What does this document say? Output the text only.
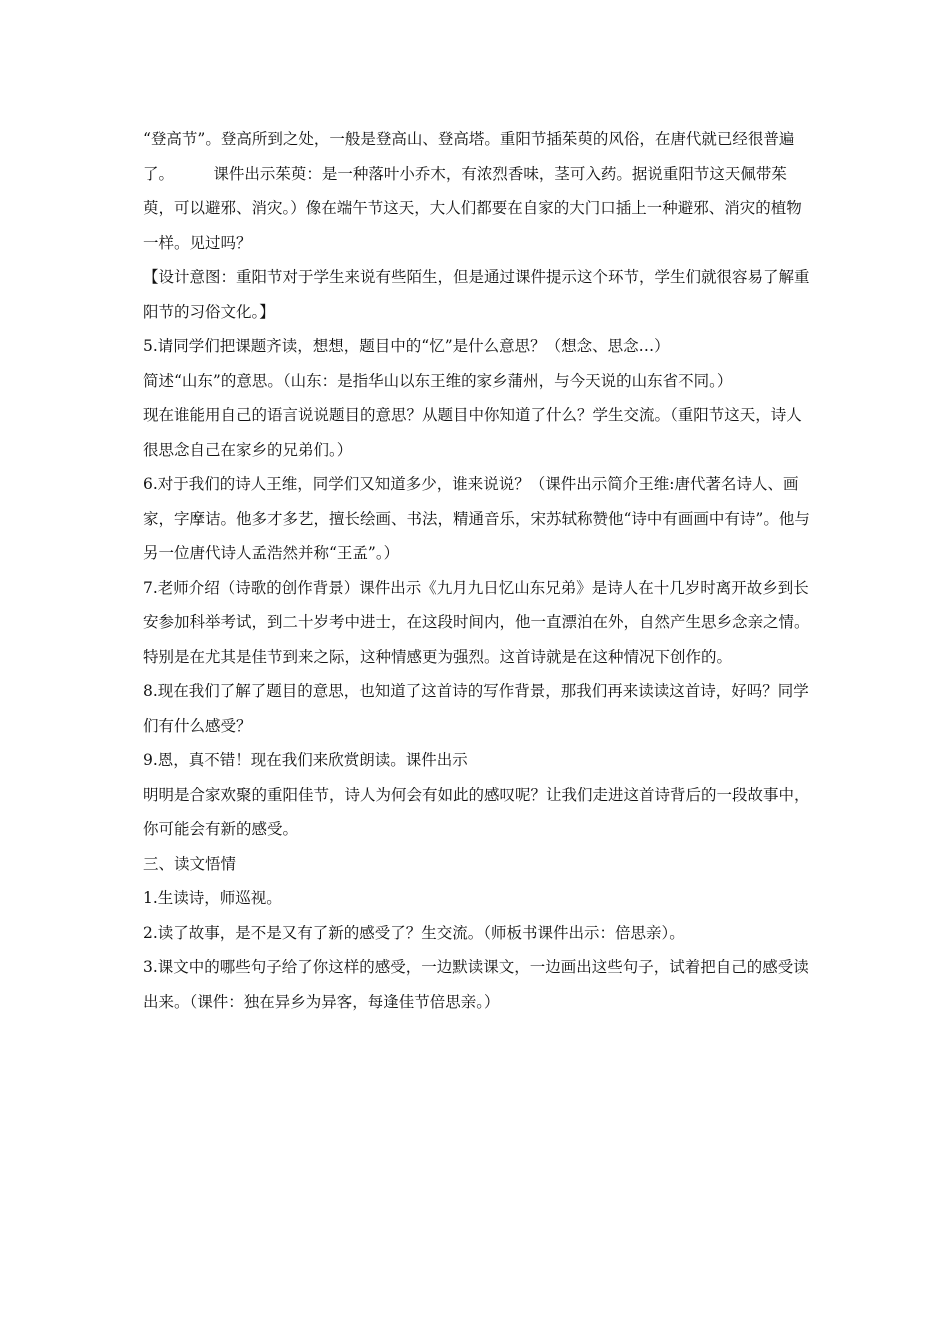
“登高节”。登高所到之处，一般是登高山、登高塔。重阳节插茱萸的风俗，在唐代就已经很普遍了。        课件出示茱萸：是一种落叶小乔木，有浓烈香味，茎可入药。据说重阳节这天佩带茱萸，可以避邪、消灾。）像在端午节这天，大人们都要在自家的大门口插上一种避邪、消灾的植物一样。见过吗？

【设计意图：重阳节对于学生来说有些陌生，但是通过课件提示这个环节，学生们就很容易了解重阳节的习俗文化。】

5.请同学们把课题齐读，想想，题目中的“忆”是什么意思？（想念、思念…）

简述“山东”的意思。（山东：是指华山以东王维的家乡蒲州，与今天说的山东省不同。）

现在谁能用自己的语言说说题目的意思？从题目中你知道了什么？学生交流。（重阳节这天，诗人很思念自己在家乡的兄弟们。）

6.对于我们的诗人王维，同学们又知道多少，谁来说说？（课件出示简介王维:唐代著名诗人、画家，字摩诘。他多才多艺，擅长绘画、书法，精通音乐，宋苏轼称赞他“诗中有画画中有诗”。他与另一位唐代诗人孟浩然并称“王孟”。）

7.老师介绍（诗歌的创作背景）课件出示《九月九日忆山东兄弟》是诗人在十几岁时离开故乡到长安参加科举考试，到二十岁考中进士，在这段时间内，他一直漂泊在外，自然产生思乡念亲之情。特别是在尤其是佳节到来之际，这种情感更为强烈。这首诗就是在这种情况下创作的。

8.现在我们了解了题目的意思，也知道了这首诗的写作背景，那我们再来读读这首诗，好吗？同学们有什么感受？

9.恩，真不错！现在我们来欣赏朗读。课件出示

明明是合家欢聚的重阳佳节，诗人为何会有如此的感叹呢？让我们走进这首诗背后的一段故事中，你可能会有新的感受。

三、读文悟情

1.生读诗，师巡视。

2.读了故事，是不是又有了新的感受了？生交流。（师板书课件出示：倍思亲）。

3.课文中的哪些句子给了你这样的感受，一边默读课文，一边画出这些句子，试着把自己的感受读出来。（课件：独在异乡为异客，每逢佳节倍思亲。）
